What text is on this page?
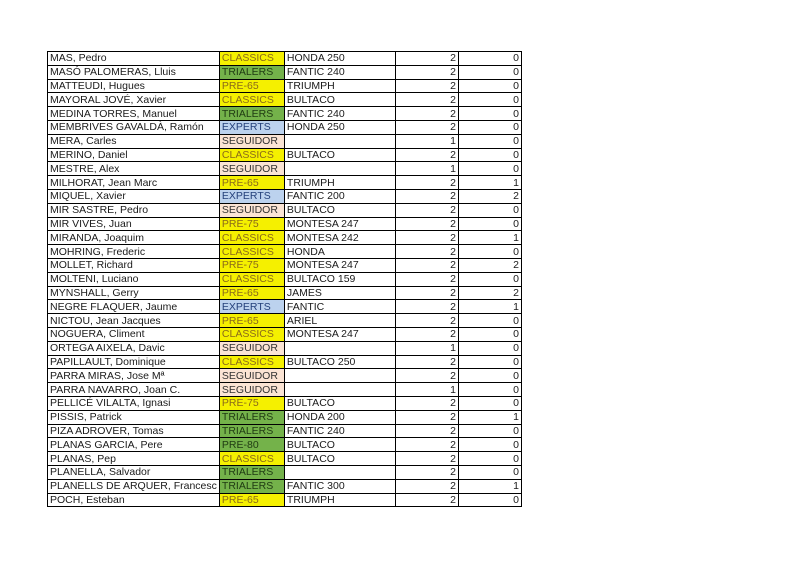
MAS, Pedro	CLASSICS	HONDA 250	2	0
MASÓ PALOMERAS, Lluis	TRIALERS	FANTIC 240	2	0
MATTEUDI, Hugues	PRE-65	TRIUMPH	2	0
MAYORAL JOVÉ, Xavier	CLASSICS	BULTACO	2	0
MEDINA TORRES, Manuel	TRIALERS	FANTIC 240	2	0
MEMBRIVES GAVALDÀ, Ramón	EXPERTS	HONDA 250	2	0
MERA, Carles	SEGUIDOR		1	0
MERINO, Daniel	CLASSICS	BULTACO	2	0
MESTRE, Alex	SEGUIDOR		1	0
MILHORAT, Jean Marc	PRE-65	TRIUMPH	2	1
MIQUEL, Xavier	EXPERTS	FANTIC 200	2	2
MIR SASTRE, Pedro	SEGUIDOR	BULTACO	2	0
MIR VIVES, Juan	PRE-75	MONTESA 247	2	0
MIRANDA, Joaquim	CLASSICS	MONTESA 242	2	1
MOHRING, Frederic	CLASSICS	HONDA	2	0
MOLLET, Richard	PRE-75	MONTESA 247	2	2
MOLTENI, Luciano	CLASSICS	BULTACO 159	2	0
MYNSHALL, Gerry	PRE-65	JAMES	2	2
NEGRE FLAQUER, Jaume	EXPERTS	FANTIC	2	1
NICTOU, Jean Jacques	PRE-65	ARIEL	2	0
NOGUERA, Climent	CLASSICS	MONTESA 247	2	0
ORTEGA AIXELA, Davic	SEGUIDOR		1	0
PAPILLAULT, Dominique	CLASSICS	BULTACO 250	2	0
PARRA MIRAS, Jose Mª	SEGUIDOR		2	0
PARRA NAVARRO, Joan C.	SEGUIDOR		1	0
PELLICÉ VILALTA, Ignasi	PRE-75	BULTACO	2	0
PISSIS, Patrick	TRIALERS	HONDA 200	2	1
PIZA ADROVER, Tomas	TRIALERS	FANTIC 240	2	0
PLANAS GARCIA, Pere	PRE-80	BULTACO	2	0
PLANAS, Pep	CLASSICS	BULTACO	2	0
PLANELLA, Salvador	TRIALERS		2	0
PLANELLS DE ARQUER, Francesc	TRIALERS	FANTIC 300	2	1
POCH, Esteban	PRE-65	TRIUMPH	2	0
